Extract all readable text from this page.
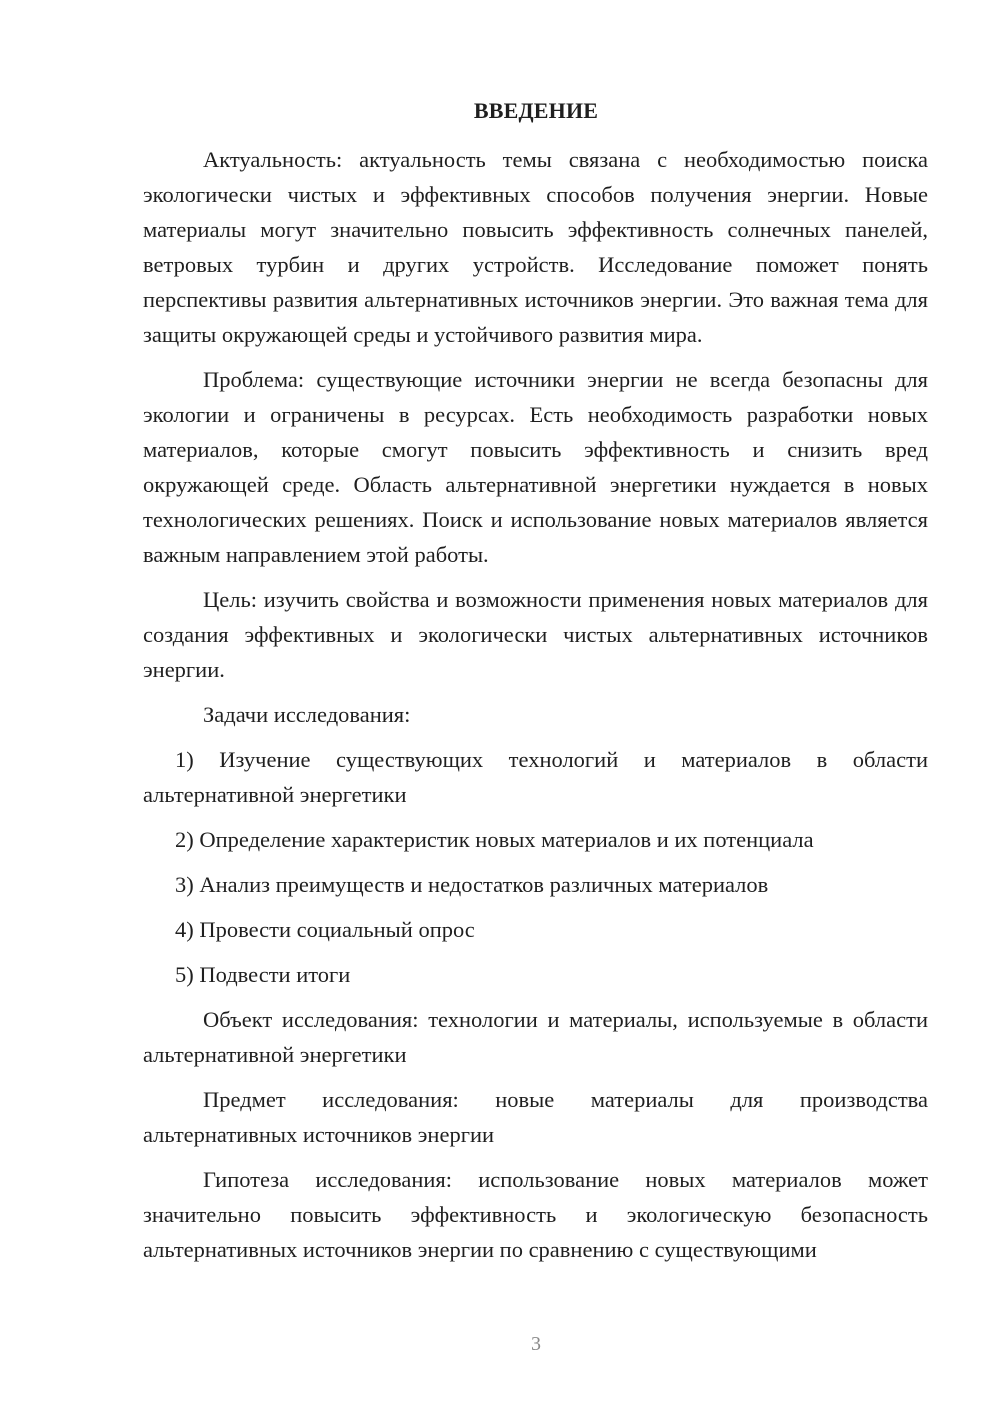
ВВЕДЕНИЕ

Актуальность: актуальность темы связана с необходимостью поиска экологически чистых и эффективных способов получения энергии. Новые материалы могут значительно повысить эффективность солнечных панелей, ветровых турбин и других устройств. Исследование поможет понять перспективы развития альтернативных источников энергии. Это важная тема для защиты окружающей среды и устойчивого развития мира.

Проблема: существующие источники энергии не всегда безопасны для экологии и ограничены в ресурсах. Есть необходимость разработки новых материалов, которые смогут повысить эффективность и снизить вред окружающей среде. Область альтернативной энергетики нуждается в новых технологических решениях. Поиск и использование новых материалов является важным направлением этой работы.

Цель: изучить свойства и возможности применения новых материалов для создания эффективных и экологически чистых альтернативных источников энергии.

Задачи исследования:

1) Изучение существующих технологий и материалов в области альтернативной энергетики

2) Определение характеристик новых материалов и их потенциала

3) Анализ преимуществ и недостатков различных материалов

4) Провести социальный опрос

5) Подвести итоги

Объект исследования: технологии и материалы, используемые в области альтернативной энергетики

Предмет исследования: новые материалы для производства альтернативных источников энергии

Гипотеза исследования: использование новых материалов может значительно повысить эффективность и экологическую безопасность альтернативных источников энергии по сравнению с существующими

3
